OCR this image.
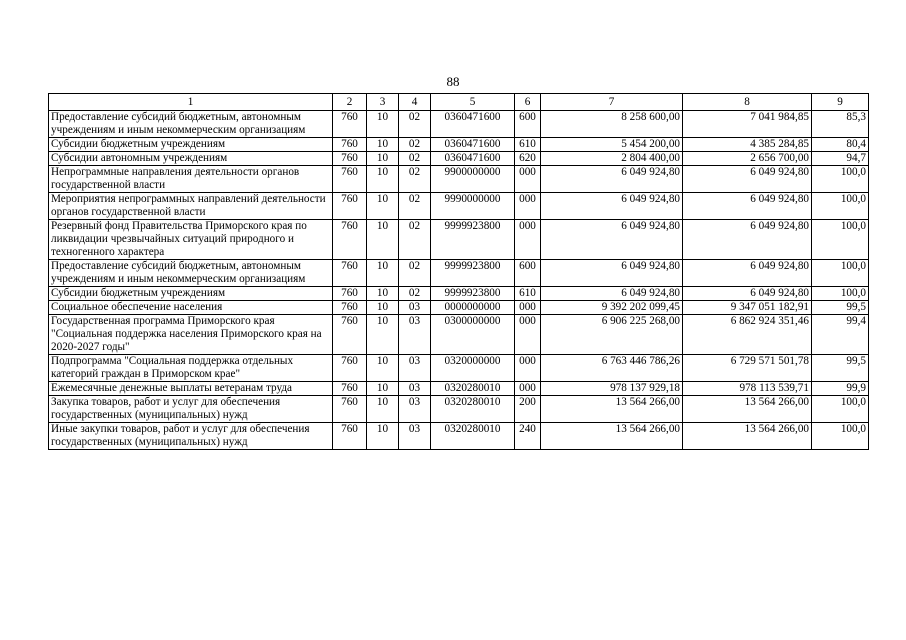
88
1	2	3	4	5	6	7	8	9
Предоставление субсидий бюджетным, автономным учреждениям и иным некоммерческим организациям	760	10	02	0360471600	600	8 258 600,00	7 041 984,85	85,3
Субсидии бюджетным учреждениям	760	10	02	0360471600	610	5 454 200,00	4 385 284,85	80,4
Субсидии автономным учреждениям	760	10	02	0360471600	620	2 804 400,00	2 656 700,00	94,7
Непрограммные направления деятельности органов государственной власти	760	10	02	9900000000	000	6 049 924,80	6 049 924,80	100,0
Мероприятия непрограммных направлений деятельности органов государственной власти	760	10	02	9990000000	000	6 049 924,80	6 049 924,80	100,0
Резервный фонд Правительства Приморского края по ликвидации чрезвычайных ситуаций природного и техногенного характера	760	10	02	9999923800	000	6 049 924,80	6 049 924,80	100,0
Предоставление субсидий бюджетным, автономным учреждениям и иным некоммерческим организациям	760	10	02	9999923800	600	6 049 924,80	6 049 924,80	100,0
Субсидии бюджетным учреждениям	760	10	02	9999923800	610	6 049 924,80	6 049 924,80	100,0
Социальное обеспечение населения	760	10	03	0000000000	000	9 392 202 099,45	9 347 051 182,91	99,5
Государственная программа Приморского края "Социальная поддержка населения Приморского края на 2020-2027 годы"	760	10	03	0300000000	000	6 906 225 268,00	6 862 924 351,46	99,4
Подпрограмма "Социальная поддержка отдельных категорий граждан в Приморском крае"	760	10	03	0320000000	000	6 763 446 786,26	6 729 571 501,78	99,5
Ежемесячные денежные выплаты ветеранам труда	760	10	03	0320280010	000	978 137 929,18	978 113 539,71	99,9
Закупка товаров, работ и услуг для обеспечения государственных (муниципальных) нужд	760	10	03	0320280010	200	13 564 266,00	13 564 266,00	100,0
Иные закупки товаров, работ и услуг для обеспечения государственных (муниципальных) нужд	760	10	03	0320280010	240	13 564 266,00	13 564 266,00	100,0
